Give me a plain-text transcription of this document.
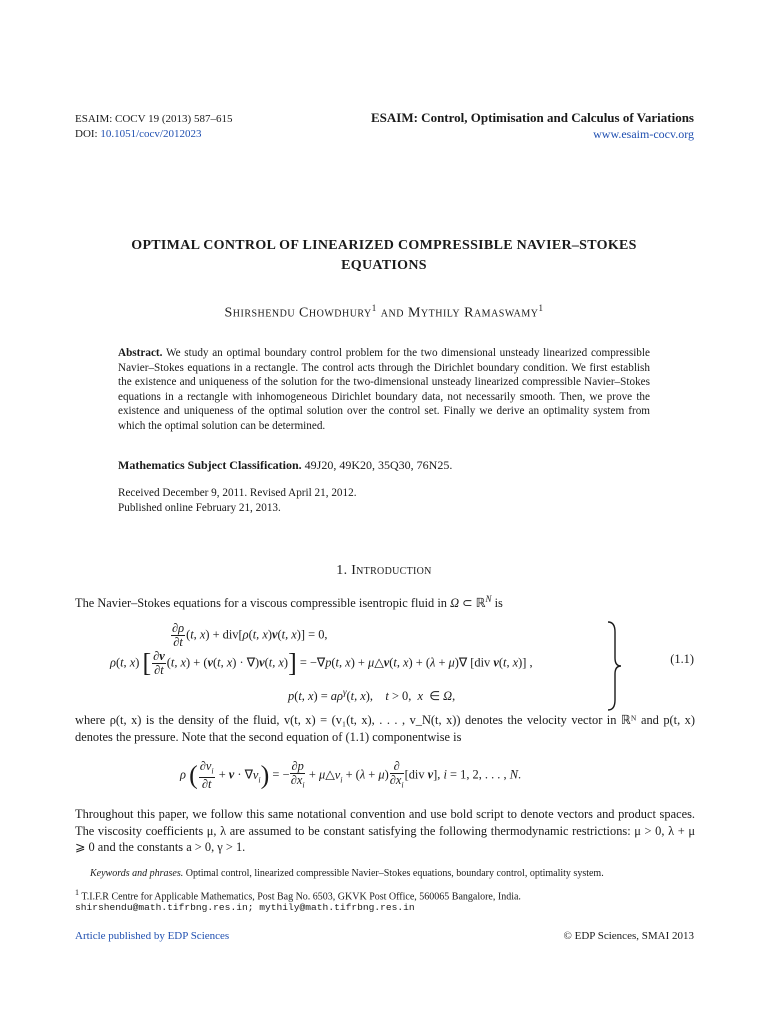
ESAIM: COCV 19 (2013) 587–615
DOI: 10.1051/cocv/2012023
ESAIM: Control, Optimisation and Calculus of Variations
www.esaim-cocv.org
OPTIMAL CONTROL OF LINEARIZED COMPRESSIBLE NAVIER–STOKES
EQUATIONS
Shirshendu Chowdhury$^1$ and Mythily Ramaswamy$^1$
Abstract. We study an optimal boundary control problem for the two dimensional unsteady linearized compressible Navier–Stokes equations in a rectangle. The control acts through the Dirichlet boundary condition. We first establish the existence and uniqueness of the solution for the two-dimensional unsteady linearized compressible Navier–Stokes equations in a rectangle with inhomogeneous Dirichlet boundary data, not necessarily smooth. Then, we prove the existence and uniqueness of the optimal solution over the control set. Finally we derive an optimality system from which the optimal solution can be determined.
Mathematics Subject Classification. 49J20, 49K20, 35Q30, 76N25.
Received December 9, 2011. Revised April 21, 2012.
Published online February 21, 2013.
1. Introduction
The Navier–Stokes equations for a viscous compressible isentropic fluid in Ω ⊂ ℝ$^N$ is
$\frac{\partial\rho}{\partial t} (t$, x) + div[ρ(t, x)v(t, x)] = 0,
ρ(t, x) [ $\frac{\partial v}{\partial t} (t$, x) + (v(t, x) · ∇)v(t, x)] = −∇p(t, x) + μ△v(t, x) + (λ + μ)∇ [div v(t, x)] ,
p(t, $x) = a\rho^\gamma(t$, x),    t > 0,  x  ∈ Ω,
(1.1)
where ρ(t, x) is the density of the fluid, v(t, x) = (v₁(t, x), . . . , v_N(t, x)) denotes the velocity vector in ℝᴺ and p(t, x) denotes the pressure. Note that the second equation of (1.1) componentwise is
ρ ( $\frac{\partial v_i}{\partial t} + v \cdot \nabla v_i$) = − $\frac{\partial p}{\partial x_i}$ + $\mu\triangle v_i + (\lambda + \mu) \frac{\partial}{\partial x_i} [div$ v], i = 1, 2, . . . , N.
Throughout this paper, we follow this same notational convention and use bold script to denote vectors and product spaces. The viscosity coefficients μ, λ are assumed to be constant satisfying the following thermodynamic restrictions: μ > 0, λ + μ ⩾ 0 and the constants a > 0, γ > 1.
Keywords and phrases. Optimal control, linearized compressible Navier–Stokes equations, boundary control, optimality system.
$^1$ T.I.F.R Centre for Applicable Mathematics, Post Bag No. 6503, GKVK Post Office, 560065 Bangalore, India.
shirshendu@math.tifrbng.res.in; mythily@math.tifrbng.res.in
Article published by EDP Sciences	© EDP Sciences, SMAI 2013
